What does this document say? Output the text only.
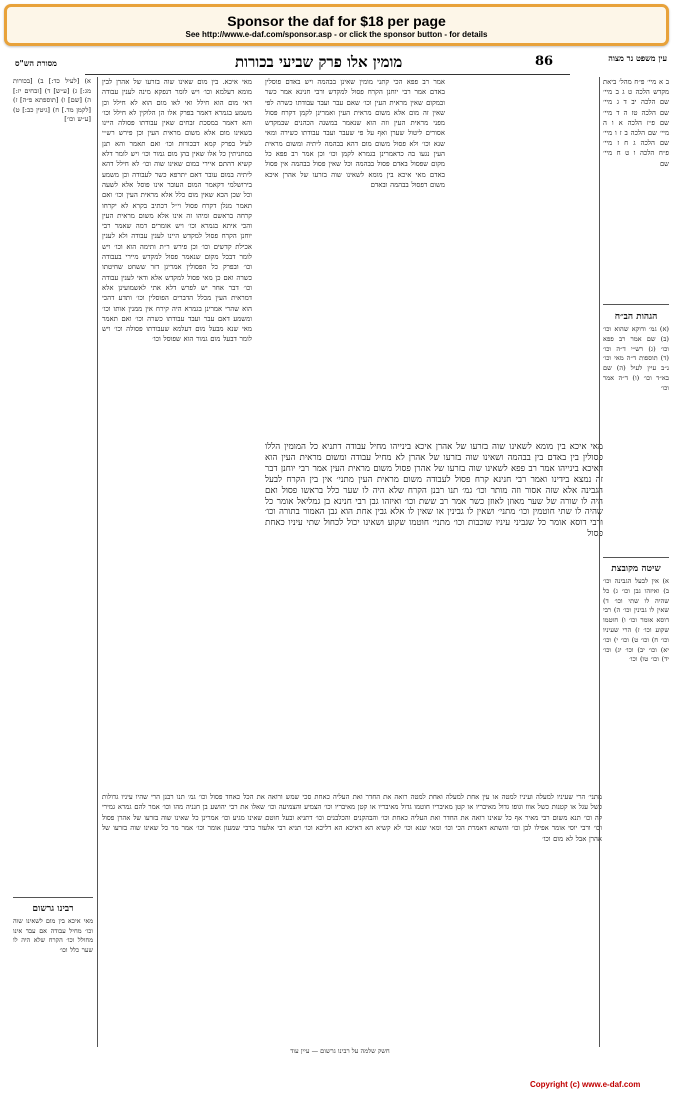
Sponsor the daf for $18 per page
See http://www.e-daf.com/sponsor.asp - or click the sponsor button - for details
מסורת הש"ס	מומין אלו פרק שביעי בכורות	86	עין משפט נר מצוה
אמר רב פפא הכי קתני מומין שאינן בבהמה ויש באדם פוסלין באדם אמר רבי יוחנן הקרח פסול למקדש ורבי חנינא אמר כשר ובמקום שאין מראית העין וכו׳ שאם עבר ועבד עבודתו כשרה לפי שאין זה מום אלא משום מראית העין ואמרינן לקמן דקרח פסול מפני מראית העין וזה הוא שנאמר במשנה הכהנים שבמקדש אסורים ליטול שערן ואף על פי שעבר ועבד עבודתו כשירה ומאי שנא וכו׳ ולא פסול משום מום דהא בבהמה ליתיה ומשום מראית העין נגעו בה כדאמרינן בגמרא לקמן וכו׳ וכן אמר רב פפא כל מקום שפסול באדם פסול בבהמה וכל שאין פסול בבהמה אין פסול באדם מאי איכא בין מומא לשאינו שוה בזרעו של אהרן איכא משום דפסול בבהמה ובאדם
מאי איכא. בין מום שאינו שוה בזרעו של אהרן לבין מומא דעלמא וכו׳ ויש לומר דנפקא מינה לענין עבודה דאי מום הוא חילל ואי לאו מום הוא לא חילל וכן משמע בגמרא דאמר בפרק אלו הן הלוקין לא חילל וכו׳ והא דאמר במסכת זבחים שאין עבודתו פסולה היינו בשאינו מום אלא משום מראית העין וכן פירש רש״י לעיל בפרק קמא דבכורות וכו׳ ואם תאמר והא תנן במתניתין כל אלו שאין בהן מום גמור וכו׳ ויש לומר דלא קשיא דהתם איירי במום שאינו שוה וכו׳ לא חילל דהא ליתיה במום עובר דאם יתרפא כשר לעבודה וכן משמע בירושלמי דקאמר המום העובר אינו פוסל אלא לשעה וכל שכן הכא שאין מום כלל אלא מראית העין וכו׳ ואם תאמר מנלן דקרח פסול וי״ל דכתיב בקרא לא יקרחו קרחה בראשם ומיהו זה אינו אלא משום מראית העין והכי איתא בגמרא וכו׳ ויש אומרים דמה שאמר רבי יוחנן הקרח פסול למקדש היינו לענין עבודה ולא לענין אכילת קדשים וכו׳ וכן פירש ר״ת ותימה הוא וכו׳ ויש לומר דבכל מקום שנאמר פסול למקדש מיירי בעבודה וכו׳ ובפרק כל הפסולין אמרינן דזר ששחט שחיטתו כשרה ואם כן מאי פסול למקדש אלא ודאי לענין עבודה וכו׳ דבר אחר יש לפרש דלא אתי לאשמועינן אלא דמראית העין מכלל הדברים הפוסלין וכו׳ ותדע דהכי הוא שהרי אמרינן בגמרא היה קירח אין ממנין אותו וכו׳ ומשמע דאם עבר ועבד עבודתו כשרה וכו׳ ואם תאמר מאי שנא מבעל מום דעלמא שעבודתו פסולה וכו׳ ויש לומר דבעל מום גמור הוא שפוסל וכו׳
מאי איכא בין מומא לשאינו שוה בזרעו של אהרן איכא בינייהו מחיל עבודה דתניא כל המומין הללו פסולין בין באדם בין בבהמה ושאינו שוה בזרעו של אהרן לא מחיל עבודה ומשום מראית העין הוא דאיכא בינייהו אמר רב פפא לשאינו שוה בזרעו של אהרן פסול משום מראית העין אמר רבי יוחנן דבר זה נמצא בידינו ואמר רבי חנינא קרח פסול לעבודה משום מראית העין מתני׳ אין בין הקרח לבעל הגבינה אלא שזה אסור וזה מותר וכו׳ גמ׳ תנו רבנן הקרח שלא היה לו שער כלל בראשו פסול ואם היה לו שורה של שער מאוזן לאוזן כשר אמר רב ששת וכו׳ ואיזהו גבן רבי חנינא בן גמליאל אומר כל שהיה לו שתי חוטמין וכו׳ מתני׳ ושאין לו גבינין או שאין לו אלא גבין אחת הוא גבן האמור בתורה וכו׳ ורבי דוסא אומר כל שגביני עיניו שוכבות וכו׳ מתני׳ חוטמו שקוע ושאינו יכול לכחול שתי עיניו כאחת פסול
מתני׳ הרי שעיניו למעלה ועיניו למטה או עין אחת למעלה ואחת למטה רואה את החדר ואת העליה כאחת סכי שמש ורואה את הכל כאחד פסול וכו׳ גמ׳ תנו רבנן הרי שהיו עיניו גדולות כשל עגל או קטנות כשל אווז וגופו גדול מאיבריו או קטן מאיבריו חוטמו גדול מאיבריו או קטן מאיבריו וכו׳ הצמיע והצמיעה וכו׳ שאלו את רבי יהושע בן חנניה מהו וכו׳ אמר להם גמרא גמירי לה וכו׳ תנא משום רבי מאיר אף כל שאינו רואה את החדר ואת העליה כאחת וכו׳ והבהקנים והכלבנים וכו׳ דתניא ובעל חוטם שאינו מגיע וכו׳ אמרינן כל שאינו שוה בזרעו של אהרן פסול וכו׳ ורבי יוסי אומר אפילו לבן וכו׳ והשתא דאמרת הכי וכו׳ ומאי שנא וכו׳ לא קשיא הא דאיכא הא דליכא וכו׳ תניא רבי אלעזר ברבי שמעון אומר וכו׳ אמר מר כל שאינו שוה בזרעו של אהרן אבל לא מום וכו׳
ב א מיי׳ פ״ח מהל׳ ביאת מקדש הלכה ט ג ב מיי׳ שם הלכה יב ד ג מיי׳ שם הלכה טז ה ד מיי׳ שם פ״ז הלכה א ו ה מיי׳ שם הלכה ב ז ו מיי׳ שם הלכה ג ח ז מיי׳ פ״ח הלכה ו ט ח מיי׳ שם
הגהות הב״ח
(א) גמ׳ ודוקא שהוא וכו׳ (ב) שם אמר רב פפא וכו׳ (ג) רש״י ד״ה וכו׳ (ד) תוספות ד״ה מאי וכו׳ נ״ב עיין לעיל (ה) שם בא״ד וכו׳ (ו) ד״ה אמר וכו׳
שיטה מקובצת
א) אין לבעל הגבינה וכו׳ ב) ואיזהו גבן וכו׳ ג) כל שהיה לו שתי וכו׳ ד) שאין לו גבינין וכו׳ ה) רבי דוסא אומר וכו׳ ו) חוטמו שקוע וכו׳ ז) הרי שעיניו וכו׳ ח) וכו׳ ט) וכו׳ י) וכו׳ יא) וכו׳ יב) וכו׳ יג) וכו׳ יד) וכו׳ טו) וכו׳
א) [לעיל כד:] ב) [בכורות מג:] ג) [ע״ש] ד) [זבחים יז:] ה) [שם] ו) [תוספתא פ״ה] ז) [לקמן מד.] ח) [גיטין כב:] ט) [ע״ש וכו׳]
רבינו גרשום
מאי איכא בין מום לשאינו שוה וכו׳ מחיל עבודה אם עבד אינו מחולל וכו׳ הקרח שלא היה לו שער כלל וכו׳
חשק שלמה על רבינו גרשום — עיין עוד
Copyright (c) www.e-daf.com
